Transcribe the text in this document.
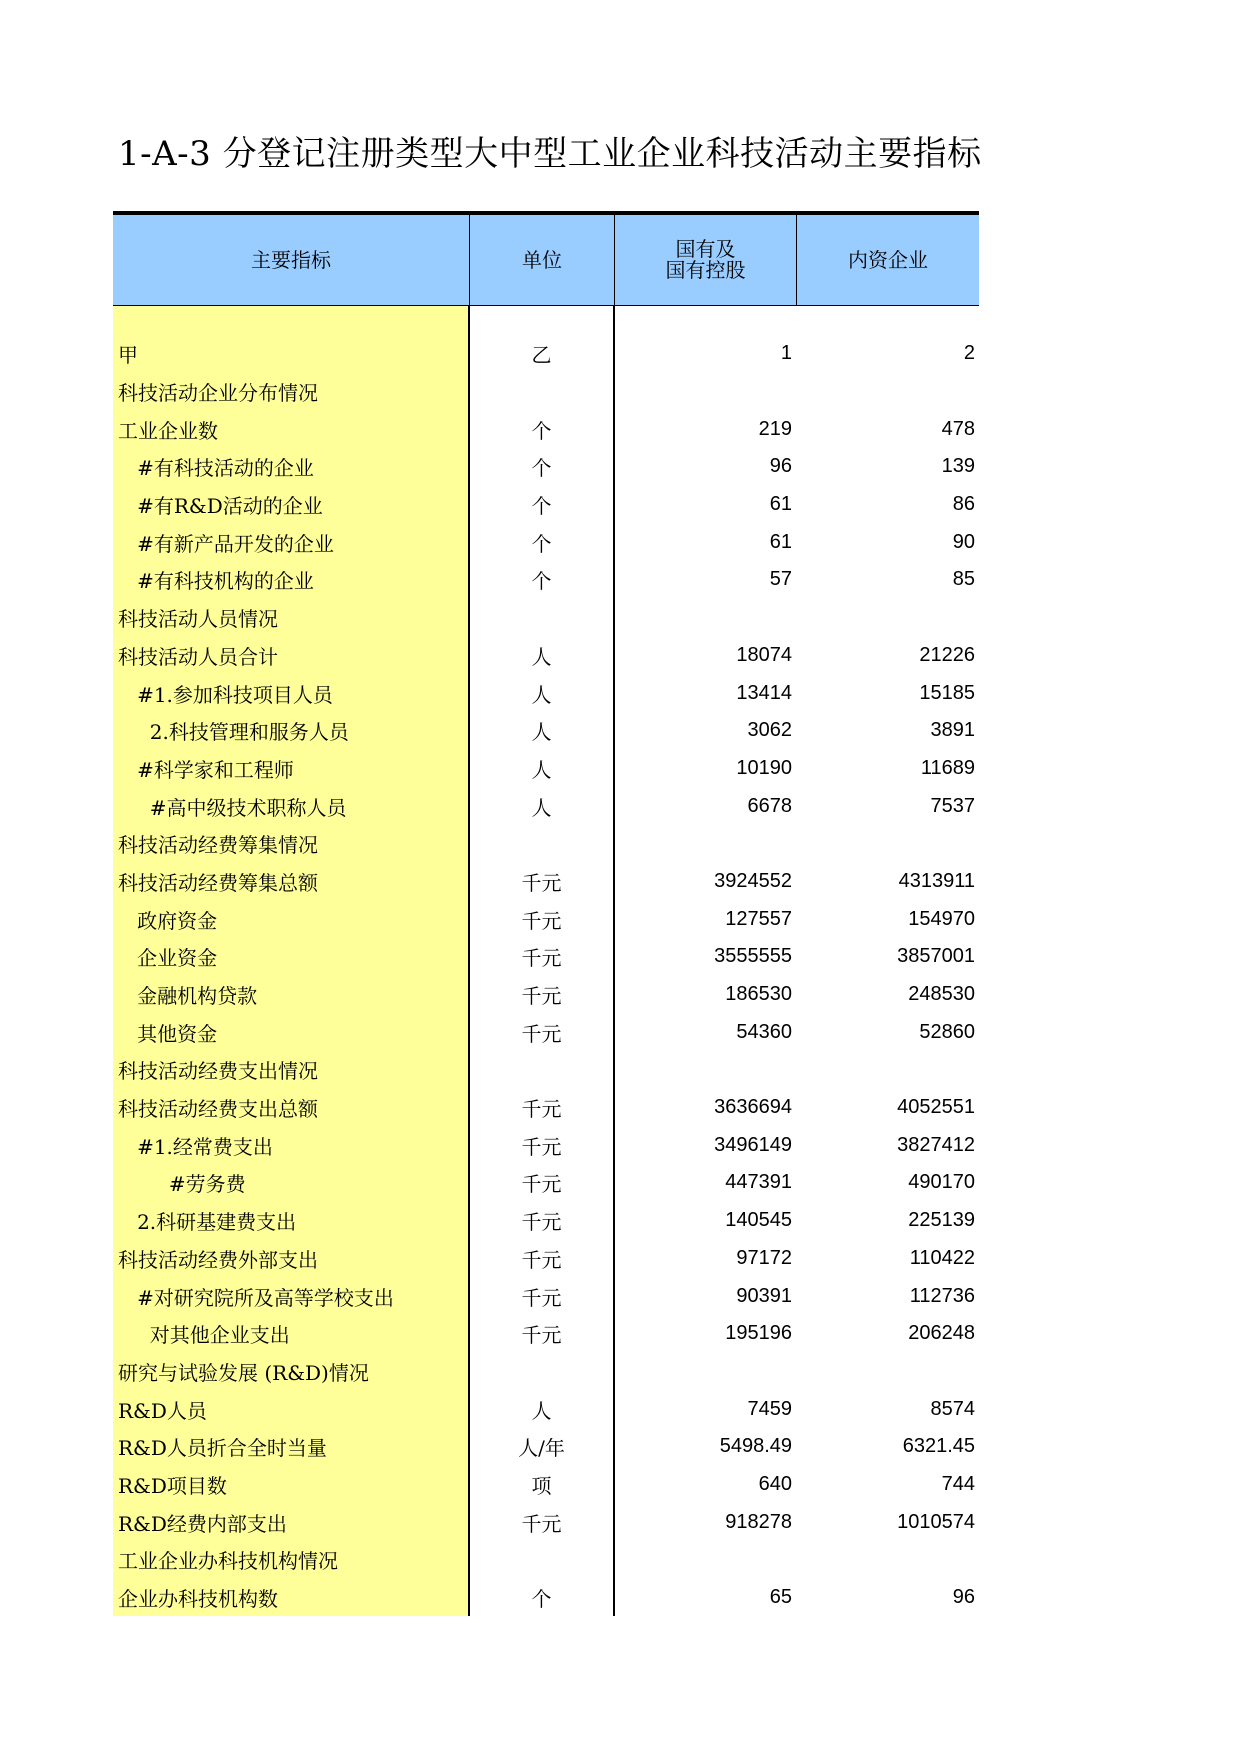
1-A-3 分登记注册类型大中型工业企业科技活动主要指标
主要指标	单位	国有及
国有控股	内资企业
甲	乙	1	2
科技活动企业分布情况
工业企业数	个	219	478
#有科技活动的企业	个	96	139
#有R&D活动的企业	个	61	86
#有新产品开发的企业	个	61	90
#有科技机构的企业	个	57	85
科技活动人员情况
科技活动人员合计	人	18074	21226
#1.参加科技项目人员	人	13414	15185
2.科技管理和服务人员	人	3062	3891
#科学家和工程师	人	10190	11689
#高中级技术职称人员	人	6678	7537
科技活动经费筹集情况
科技活动经费筹集总额	千元	3924552	4313911
政府资金	千元	127557	154970
企业资金	千元	3555555	3857001
金融机构贷款	千元	186530	248530
其他资金	千元	54360	52860
科技活动经费支出情况
科技活动经费支出总额	千元	3636694	4052551
#1.经常费支出	千元	3496149	3827412
#劳务费	千元	447391	490170
2.科研基建费支出	千元	140545	225139
科技活动经费外部支出	千元	97172	110422
#对研究院所及高等学校支出	千元	90391	112736
对其他企业支出	千元	195196	206248
研究与试验发展 (R&D)情况
R&D人员	人	7459	8574
R&D人员折合全时当量	人/年	5498.49	6321.45
R&D项目数	项	640	744
R&D经费内部支出	千元	918278	1010574
工业企业办科技机构情况
企业办科技机构数	个	65	96
